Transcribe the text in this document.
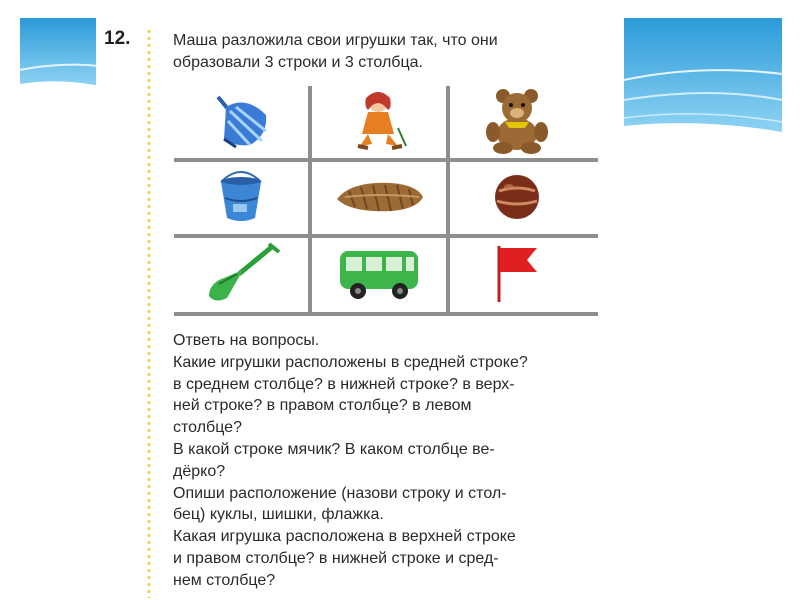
12.	Маша разложила свои игрушки так, что они
образовали 3 строки и 3 столбца.
Ответь на вопросы.
Какие игрушки расположены в средней строке?
в среднем столбце? в нижней строке? в верх-
ней строке? в правом столбце? в левом
столбце?
В какой строке мячик? В каком столбце ве-
дёрко?
Опиши расположение (назови строку и стол-
бец) куклы, шишки, флажка.
Какая игрушка расположена в верхней строке
и правом столбце? в нижней строке и сред-
нем столбце?
